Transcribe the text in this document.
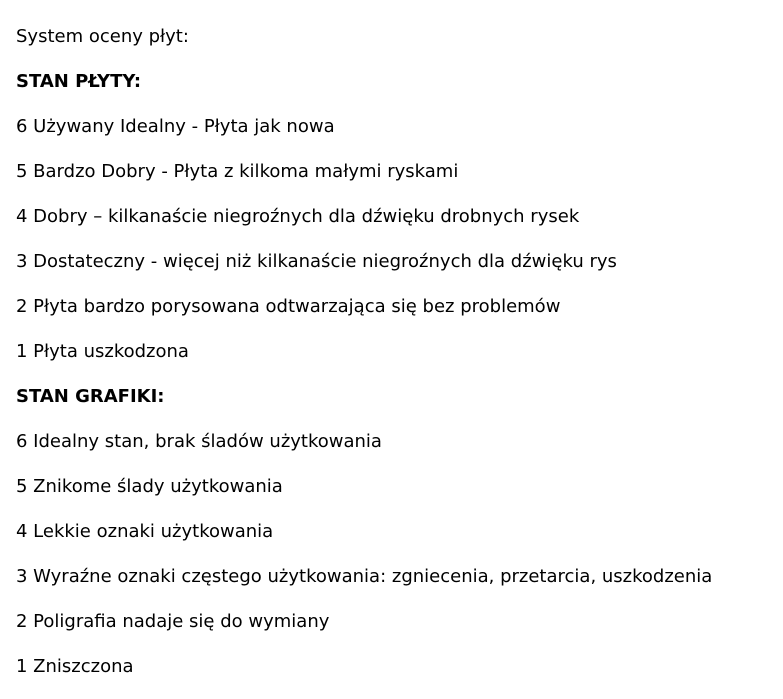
System oceny płyt:

STAN PŁYTY:

6 Używany Idealny - Płyta jak nowa

5 Bardzo Dobry - Płyta z kilkoma małymi ryskami

4 Dobry – kilkanaście niegroźnych dla dźwięku drobnych rysek

3 Dostateczny - więcej niż kilkanaście niegroźnych dla dźwięku rys

2 Płyta bardzo porysowana odtwarzająca się bez problemów

1 Płyta uszkodzona

STAN GRAFIKI:

6 Idealny stan, brak śladów użytkowania

5 Znikome ślady użytkowania

4 Lekkie oznaki użytkowania

3 Wyraźne oznaki częstego użytkowania: zgniecenia, przetarcia, uszkodzenia

2 Poligrafia nadaje się do wymiany

1 Zniszczona
